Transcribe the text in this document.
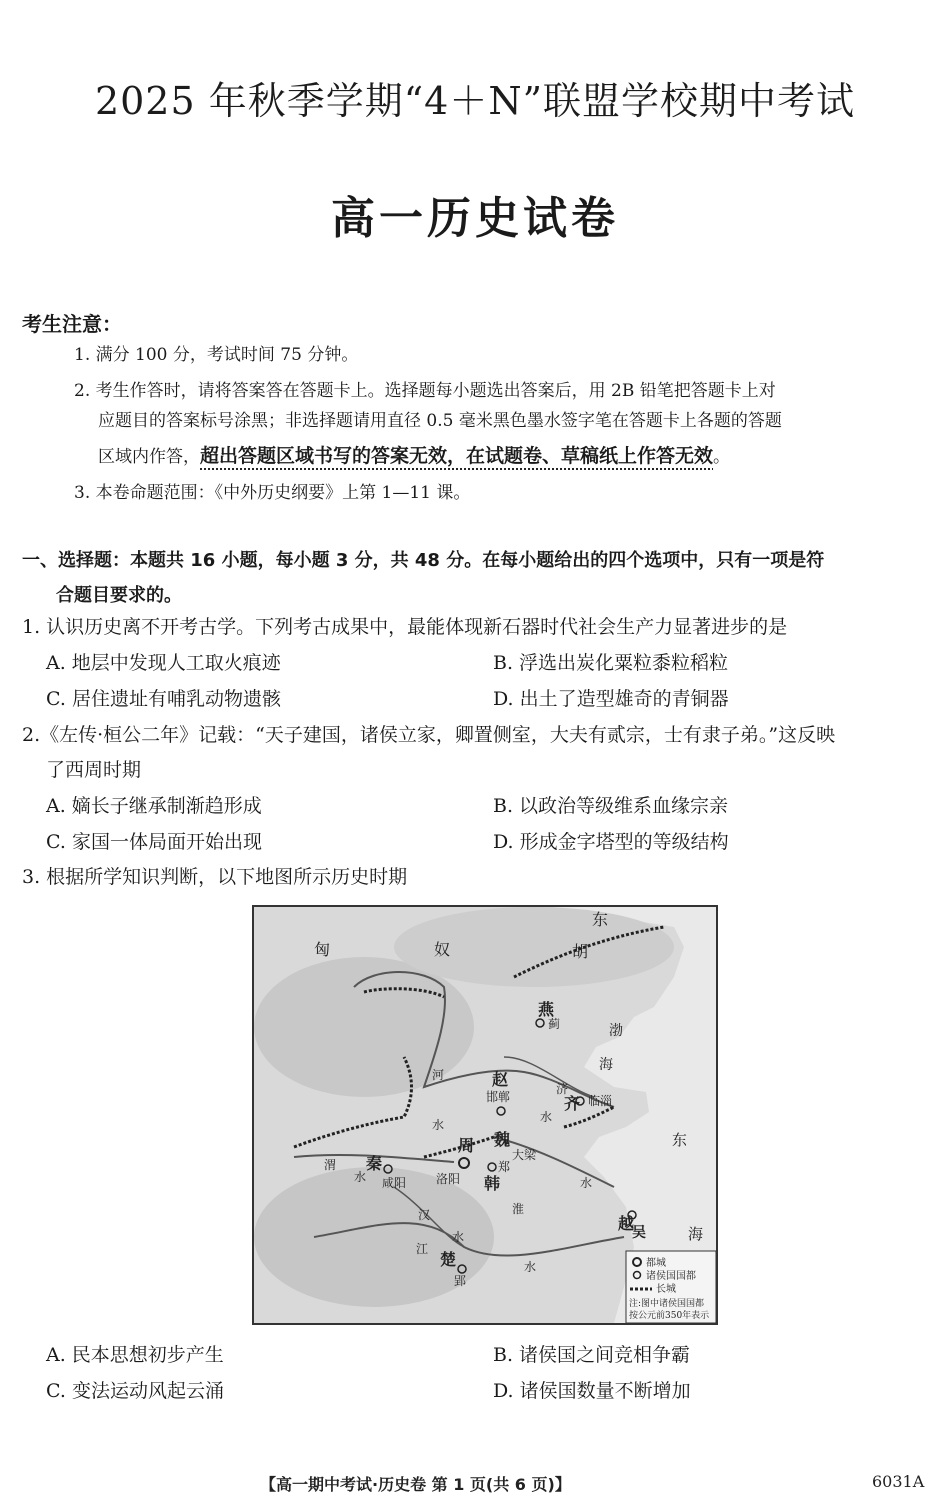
2025 年秋季学期“4＋N”联盟学校期中考试
高一历史试卷
考生注意：
1. 满分 100 分，考试时间 75 分钟。
2. 考生作答时，请将答案答在答题卡上。选择题每小题选出答案后，用 2B 铅笔把答题卡上对
应题目的答案标号涂黑；非选择题请用直径 0.5 毫米黑色墨水签字笔在答题卡上各题的答题
区域内作答，超出答题区域书写的答案无效，在试题卷、草稿纸上作答无效。
3. 本卷命题范围：《中外历史纲要》上第 1—11 课。
一、选择题：本题共 16 小题，每小题 3 分，共 48 分。在每小题给出的四个选项中，只有一项是符
合题目要求的。
1. 认识历史离不开考古学。下列考古成果中，最能体现新石器时代社会生产力显著进步的是
A. 地层中发现人工取火痕迹	B. 浮选出炭化粟粒黍粒稻粒
C. 居住遗址有哺乳动物遗骸	D. 出土了造型雄奇的青铜器
2.《左传·桓公二年》记载：“天子建国，诸侯立家，卿置侧室，大夫有贰宗，士有隶子弟。”这反映
了西周时期
A. 嫡长子继承制渐趋形成	B. 以政治等级维系血缘宗亲
C. 家国一体局面开始出现	D. 形成金字塔型的等级结构
3. 根据所学知识判断，以下地图所示历史时期
匈	奴
东
胡
渤
海
东
海
燕
赵
齐
魏
周
秦
韩
楚
越
蓟
邯郸	临淄
大梁
郑
洛阳
咸阳
郢
吴
河
水
济
水
渭
水
淮
水
汉
水
江
水	都城
诸侯国国都
长城
注:图中诸侯国国都
按公元前350年表示
A. 民本思想初步产生	B. 诸侯国之间竞相争霸
C. 变法运动风起云涌	D. 诸侯国数量不断增加
【高一期中考试·历史卷 第 1 页(共 6 页)】	6031A
